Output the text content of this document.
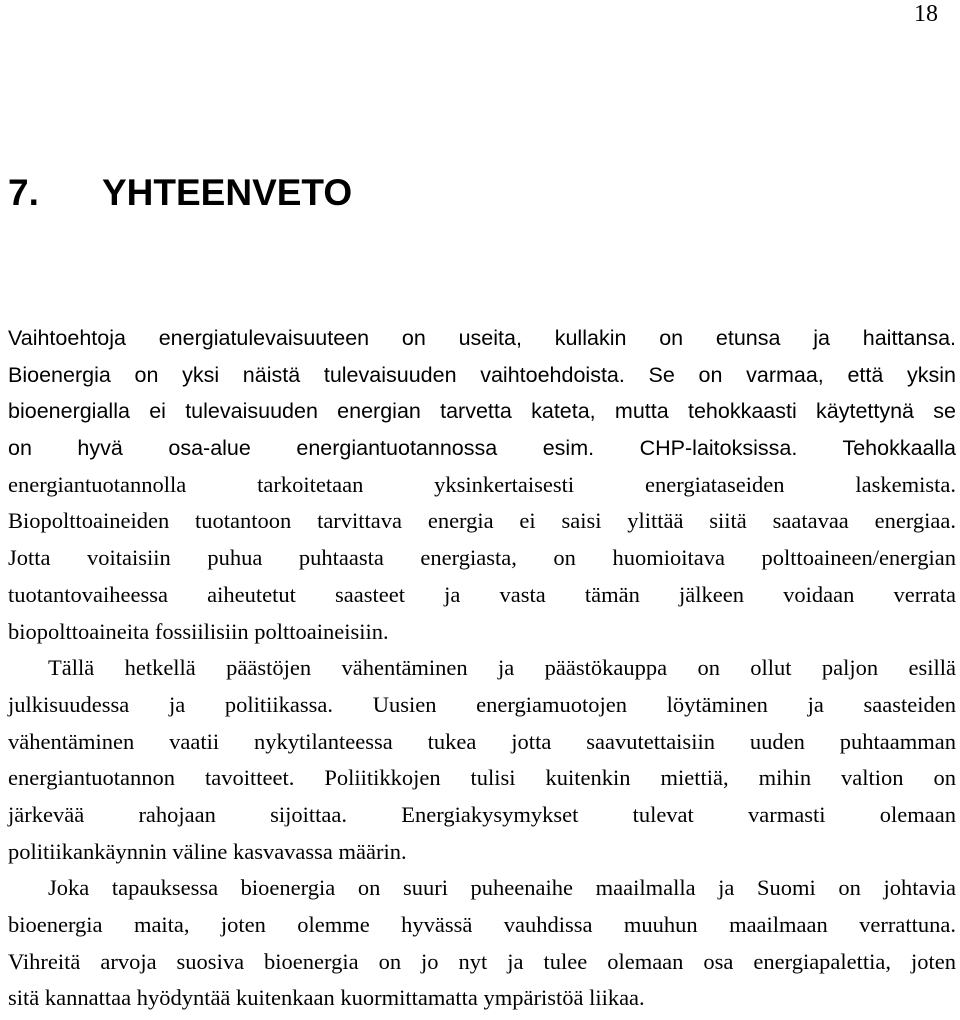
18
7. YHTEENVETO
Vaihtoehtoja energiatulevaisuuteen on useita, kullakin on etunsa ja haittansa.
Bioenergia on yksi näistä tulevaisuuden vaihtoehdoista. Se on varmaa, että yksin
bioenergialla ei tulevaisuuden energian tarvetta kateta, mutta tehokkaasti käytettynä se
on hyvä osa-alue energiantuotannossa esim. CHP-laitoksissa. Tehokkaalla
energiantuotannolla tarkoitetaan yksinkertaisesti energiataseiden laskemista.
Biopolttoaineiden tuotantoon tarvittava energia ei saisi ylittää siitä saatavaa energiaa.
Jotta voitaisiin puhua puhtaasta energiasta, on huomioitava polttoaineen/energian
tuotantovaiheessa aiheutetut saasteet ja vasta tämän jälkeen voidaan verrata
biopolttoaineita fossiilisiin polttoaineisiin.
Tällä hetkellä päästöjen vähentäminen ja päästökauppa on ollut paljon esillä
julkisuudessa ja politiikassa. Uusien energiamuotojen löytäminen ja saasteiden
vähentäminen vaatii nykytilanteessa tukea jotta saavutettaisiin uuden puhtaamman
energiantuotannon tavoitteet. Poliitikkojen tulisi kuitenkin miettiä, mihin valtion on
järkevää rahojaan sijoittaa. Energiakysymykset tulevat varmasti olemaan
politiikankäynnin väline kasvavassa määrin.
Joka tapauksessa bioenergia on suuri puheenaihe maailmalla ja Suomi on johtavia
bioenergia maita, joten olemme hyvässä vauhdissa muuhun maailmaan verrattuna.
Vihreitä arvoja suosiva bioenergia on jo nyt ja tulee olemaan osa energiapalettia, joten
sitä kannattaa hyödyntää kuitenkaan kuormittamatta ympäristöä liikaa.
